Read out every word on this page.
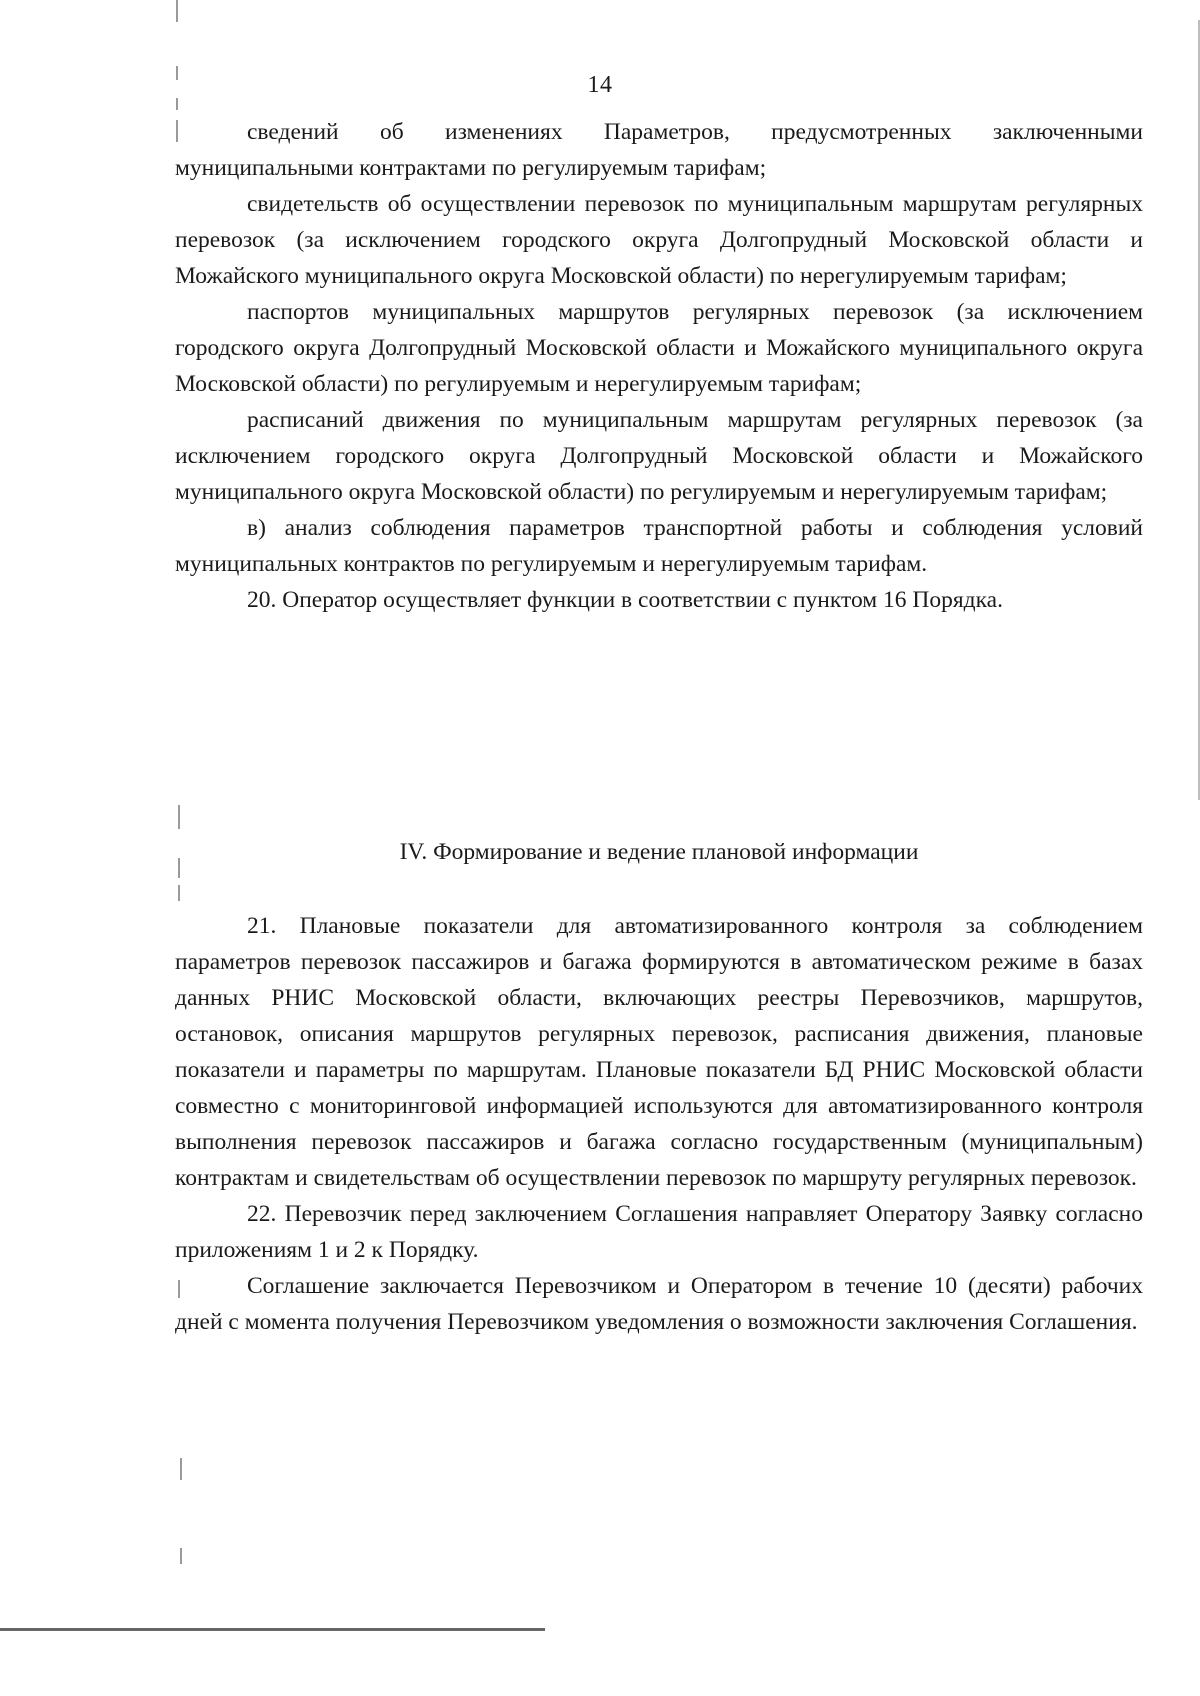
14

сведений об изменениях Параметров, предусмотренных заключенными муниципальными контрактами по регулируемым тарифам;

свидетельств об осуществлении перевозок по муниципальным маршрутам регулярных перевозок (за исключением городского округа Долгопрудный Московской области и Можайского муниципального округа Московской области) по нерегулируемым тарифам;

паспортов муниципальных маршрутов регулярных перевозок (за исключением городского округа Долгопрудный Московской области и Можайского муниципального округа Московской области) по регулируемым и нерегулируемым тарифам;

расписаний движения по муниципальным маршрутам регулярных перевозок (за исключением городского округа Долгопрудный Московской области и Можайского муниципального округа Московской области) по регулируемым и нерегулируемым тарифам;

в) анализ соблюдения параметров транспортной работы и соблюдения условий муниципальных контрактов по регулируемым и нерегулируемым тарифам.

20. Оператор осуществляет функции в соответствии с пунктом 16 Порядка.

IV. Формирование и ведение плановой информации

21. Плановые показатели для автоматизированного контроля за соблюдением параметров перевозок пассажиров и багажа формируются в автоматическом режиме в базах данных РНИС Московской области, включающих реестры Перевозчиков, маршрутов, остановок, описания маршрутов регулярных перевозок, расписания движения, плановые показатели и параметры по маршрутам. Плановые показатели БД РНИС Московской области совместно с мониторинговой информацией используются для автоматизированного контроля выполнения перевозок пассажиров и багажа согласно государственным (муниципальным) контрактам и свидетельствам об осуществлении перевозок по маршруту регулярных перевозок.

22. Перевозчик перед заключением Соглашения направляет Оператору Заявку согласно приложениям 1 и 2 к Порядку.

Соглашение заключается Перевозчиком и Оператором в течение 10 (десяти) рабочих дней с момента получения Перевозчиком уведомления о возможности заключения Соглашения.
